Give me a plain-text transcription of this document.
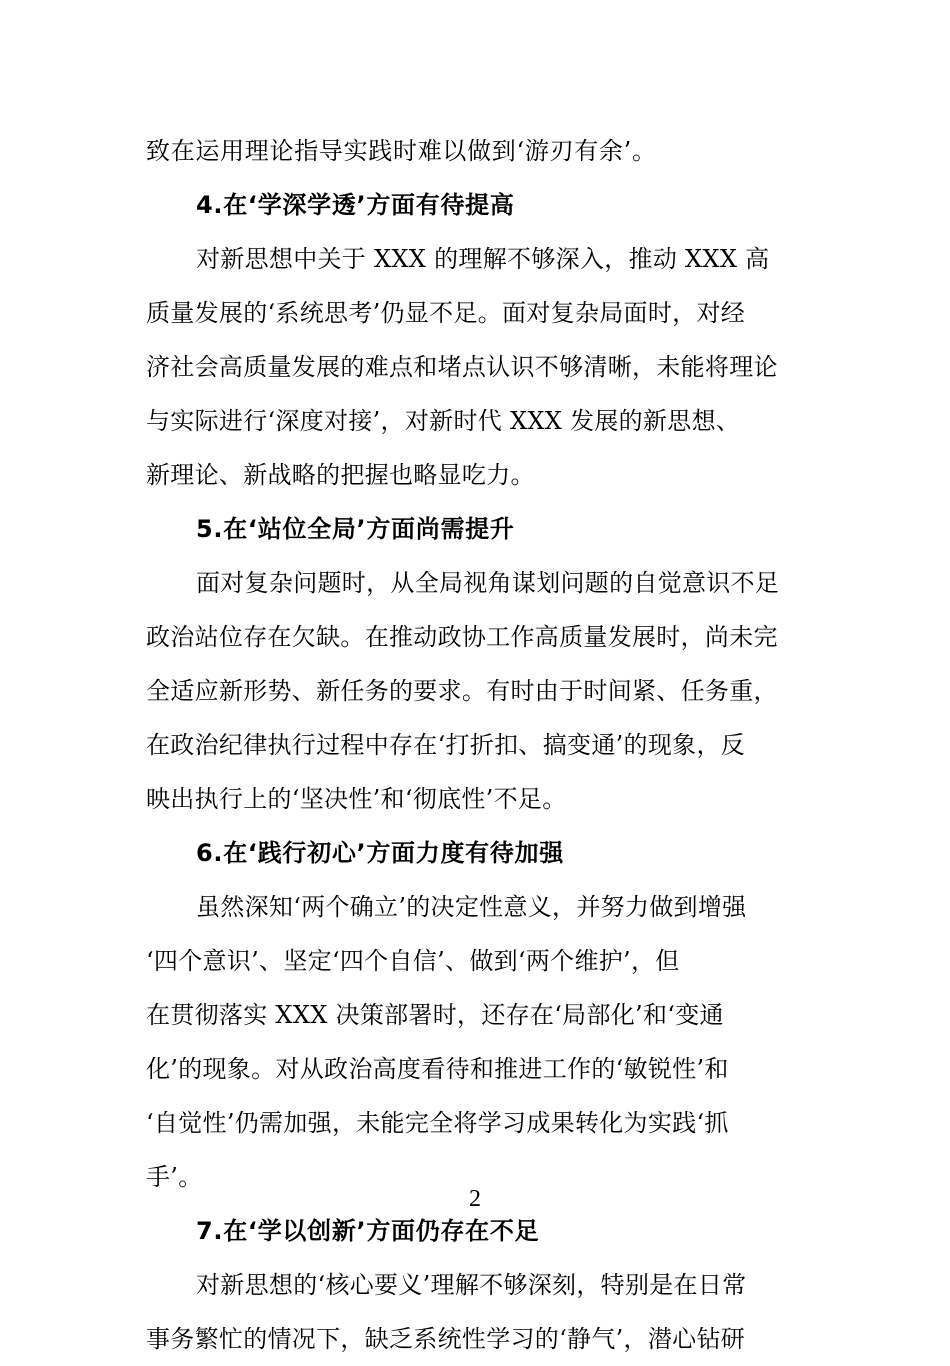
致在运用理论指导实践时难以做到‘游刃有余’。
4.在‘学深学透’方面有待提高
对新思想中关于 XXX 的理解不够深入，推动 XXX 高
质量发展的‘系统思考’仍显不足。面对复杂局面时，对经
济社会高质量发展的难点和堵点认识不够清晰，未能将理论
与实际进行‘深度对接’，对新时代 XXX 发展的新思想、
新理论、新战略的把握也略显吃力。
5.在‘站位全局’方面尚需提升
面对复杂问题时，从全局视角谋划问题的自觉意识不足
政治站位存在欠缺。在推动政协工作高质量发展时，尚未完
全适应新形势、新任务的要求。有时由于时间紧、任务重，
在政治纪律执行过程中存在‘打折扣、搞变通’的现象，反
映出执行上的‘坚决性’和‘彻底性’不足。
6.在‘践行初心’方面力度有待加强
虽然深知‘两个确立’的决定性意义，并努力做到增强
‘四个意识’、坚定‘四个自信’、做到‘两个维护’，但
在贯彻落实 XXX 决策部署时，还存在‘局部化’和‘变通
化’的现象。对从政治高度看待和推进工作的‘敏锐性’和
‘自觉性’仍需加强，未能完全将学习成果转化为实践‘抓
手’。
7.在‘学以创新’方面仍存在不足
对新思想的‘核心要义’理解不够深刻，特别是在日常
事务繁忙的情况下，缺乏系统性学习的‘静气’，潜心钻研
2
